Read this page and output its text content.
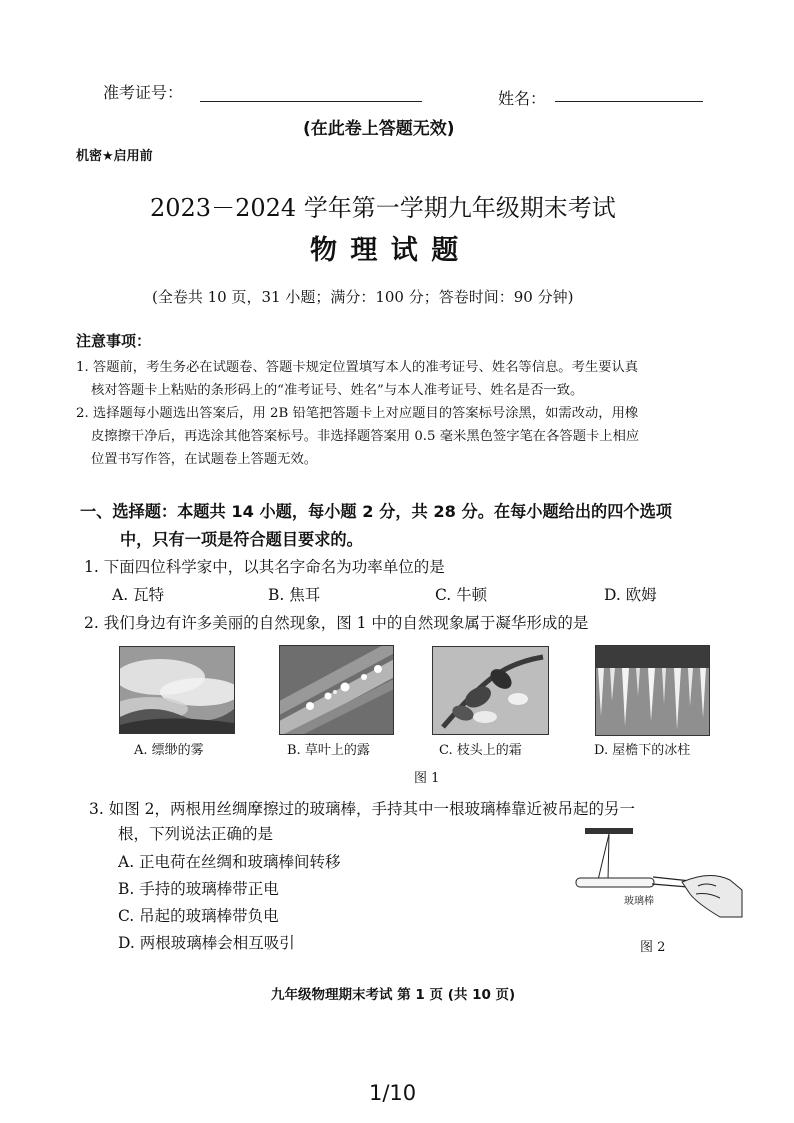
准考证号：	姓名：
(在此卷上答题无效)
机密★启用前
2023－2024 学年第一学期九年级期末考试
物 理 试 题
(全卷共 10 页，31 小题；满分：100 分；答卷时间：90 分钟)
注意事项：
1. 答题前，考生务必在试题卷、答题卡规定位置填写本人的准考证号、姓名等信息。考生要认真
核对答题卡上粘贴的条形码上的“准考证号、姓名”与本人准考证号、姓名是否一致。
2. 选择题每小题选出答案后，用 2B 铅笔把答题卡上对应题目的答案标号涂黑，如需改动，用橡
皮擦擦干净后，再选涂其他答案标号。非选择题答案用 0.5 毫米黑色签字笔在各答题卡上相应
位置书写作答，在试题卷上答题无效。
一、选择题：本题共 14 小题，每小题 2 分，共 28 分。在每小题给出的四个选项
中，只有一项是符合题目要求的。
1. 下面四位科学家中，以其名字命名为功率单位的是
A. 瓦特	B. 焦耳	C. 牛顿	D. 欧姆
2. 我们身边有许多美丽的自然现象，图 1 中的自然现象属于凝华形成的是
A. 缥缈的雾	B. 草叶上的露	C. 枝头上的霜	D. 屋檐下的冰柱
图 1
3. 如图 2，两根用丝绸摩擦过的玻璃棒，手持其中一根玻璃棒靠近被吊起的另一
根，下列说法正确的是
A. 正电荷在丝绸和玻璃棒间转移
B. 手持的玻璃棒带正电
C. 吊起的玻璃棒带负电
D. 两根玻璃棒会相互吸引
玻璃棒
图 2
九年级物理期末考试 第 1 页 (共 10 页)
1/10
